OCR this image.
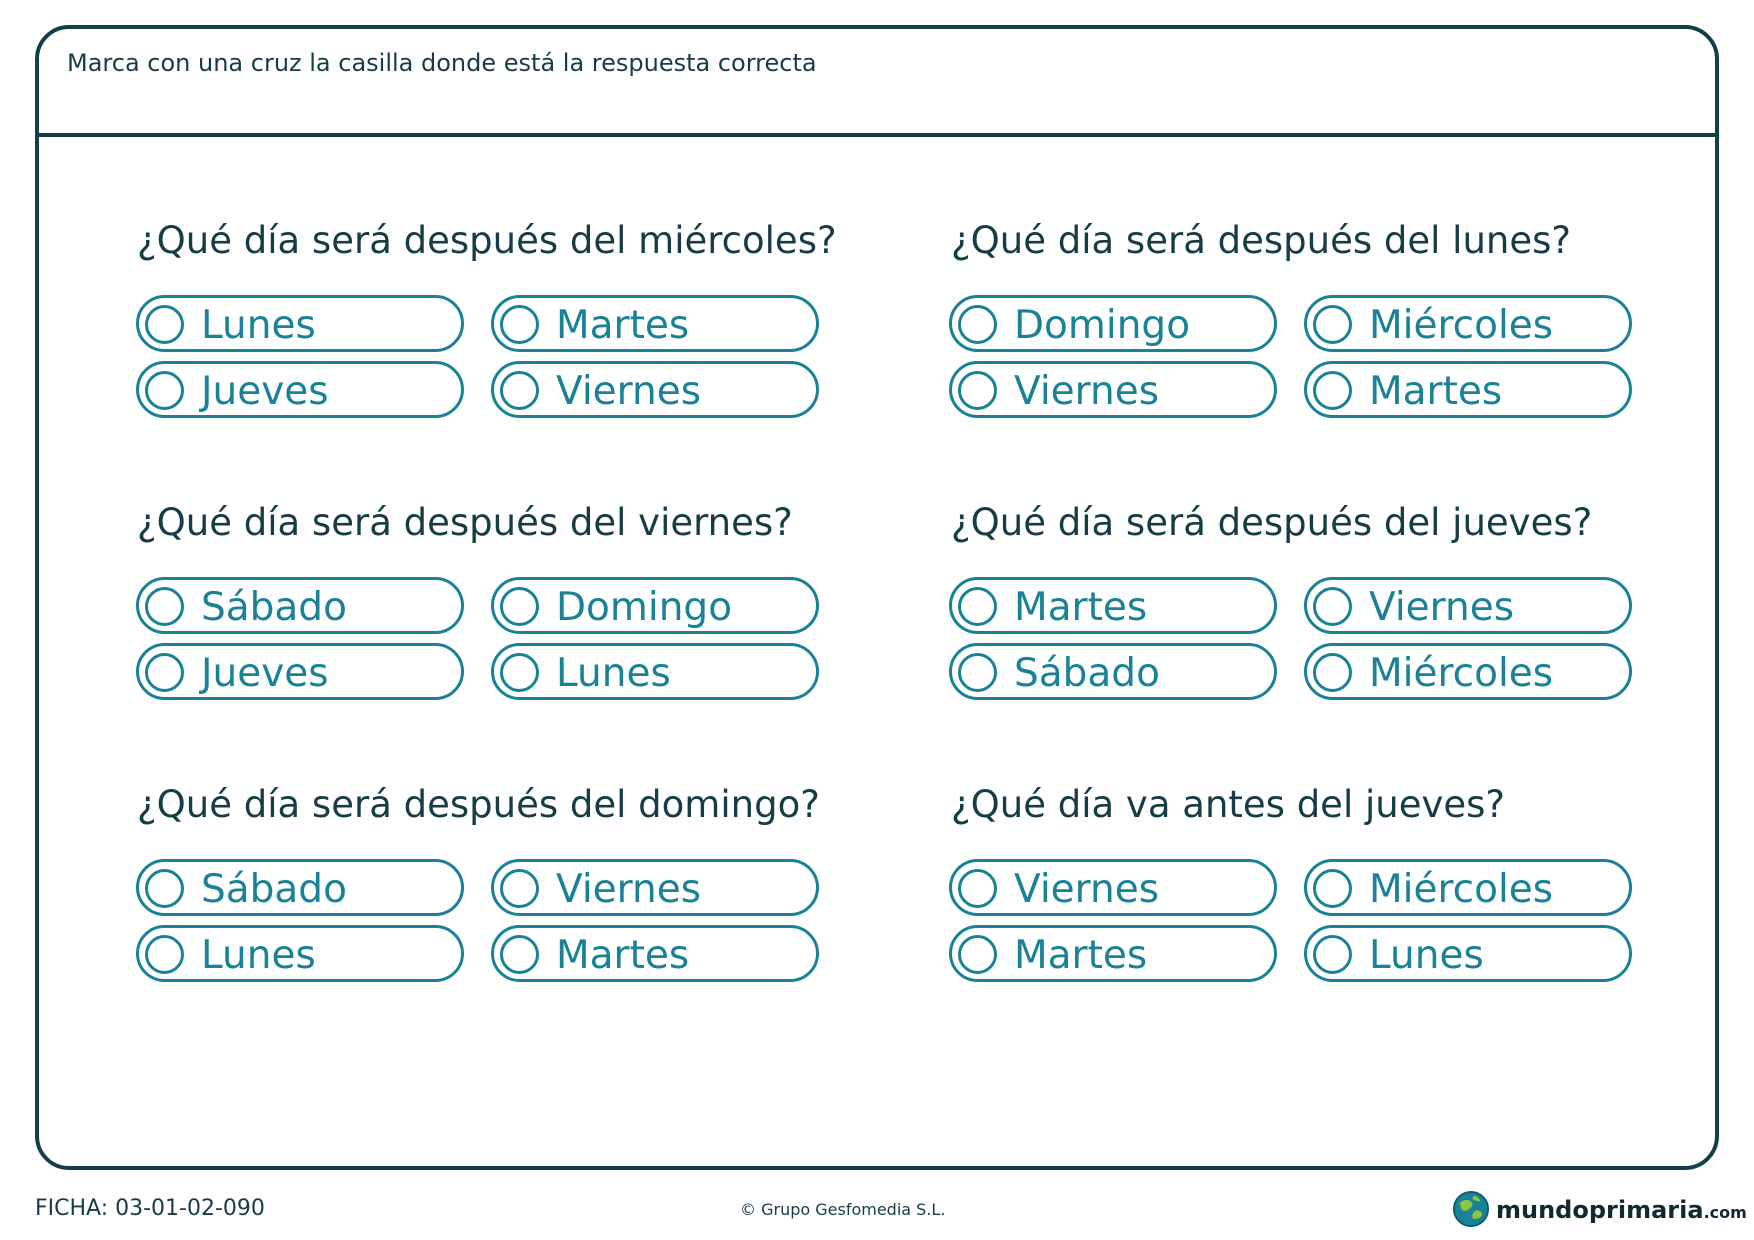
Marca con una cruz la casilla donde está la respuesta correcta
¿Qué día será después del miércoles?
Lunes	Martes
Jueves	Viernes
¿Qué día será después del lunes?
Domingo	Miércoles
Viernes	Martes
¿Qué día será después del viernes?
Sábado	Domingo
Jueves	Lunes
¿Qué día será después del jueves?
Martes	Viernes
Sábado	Miércoles
¿Qué día será después del domingo?
Sábado	Viernes
Lunes	Martes
¿Qué día va antes del jueves?
Viernes	Miércoles
Martes	Lunes
FICHA: 03-01-02-090	© Grupo Gesfomedia S.L.	mundoprimaria.com
